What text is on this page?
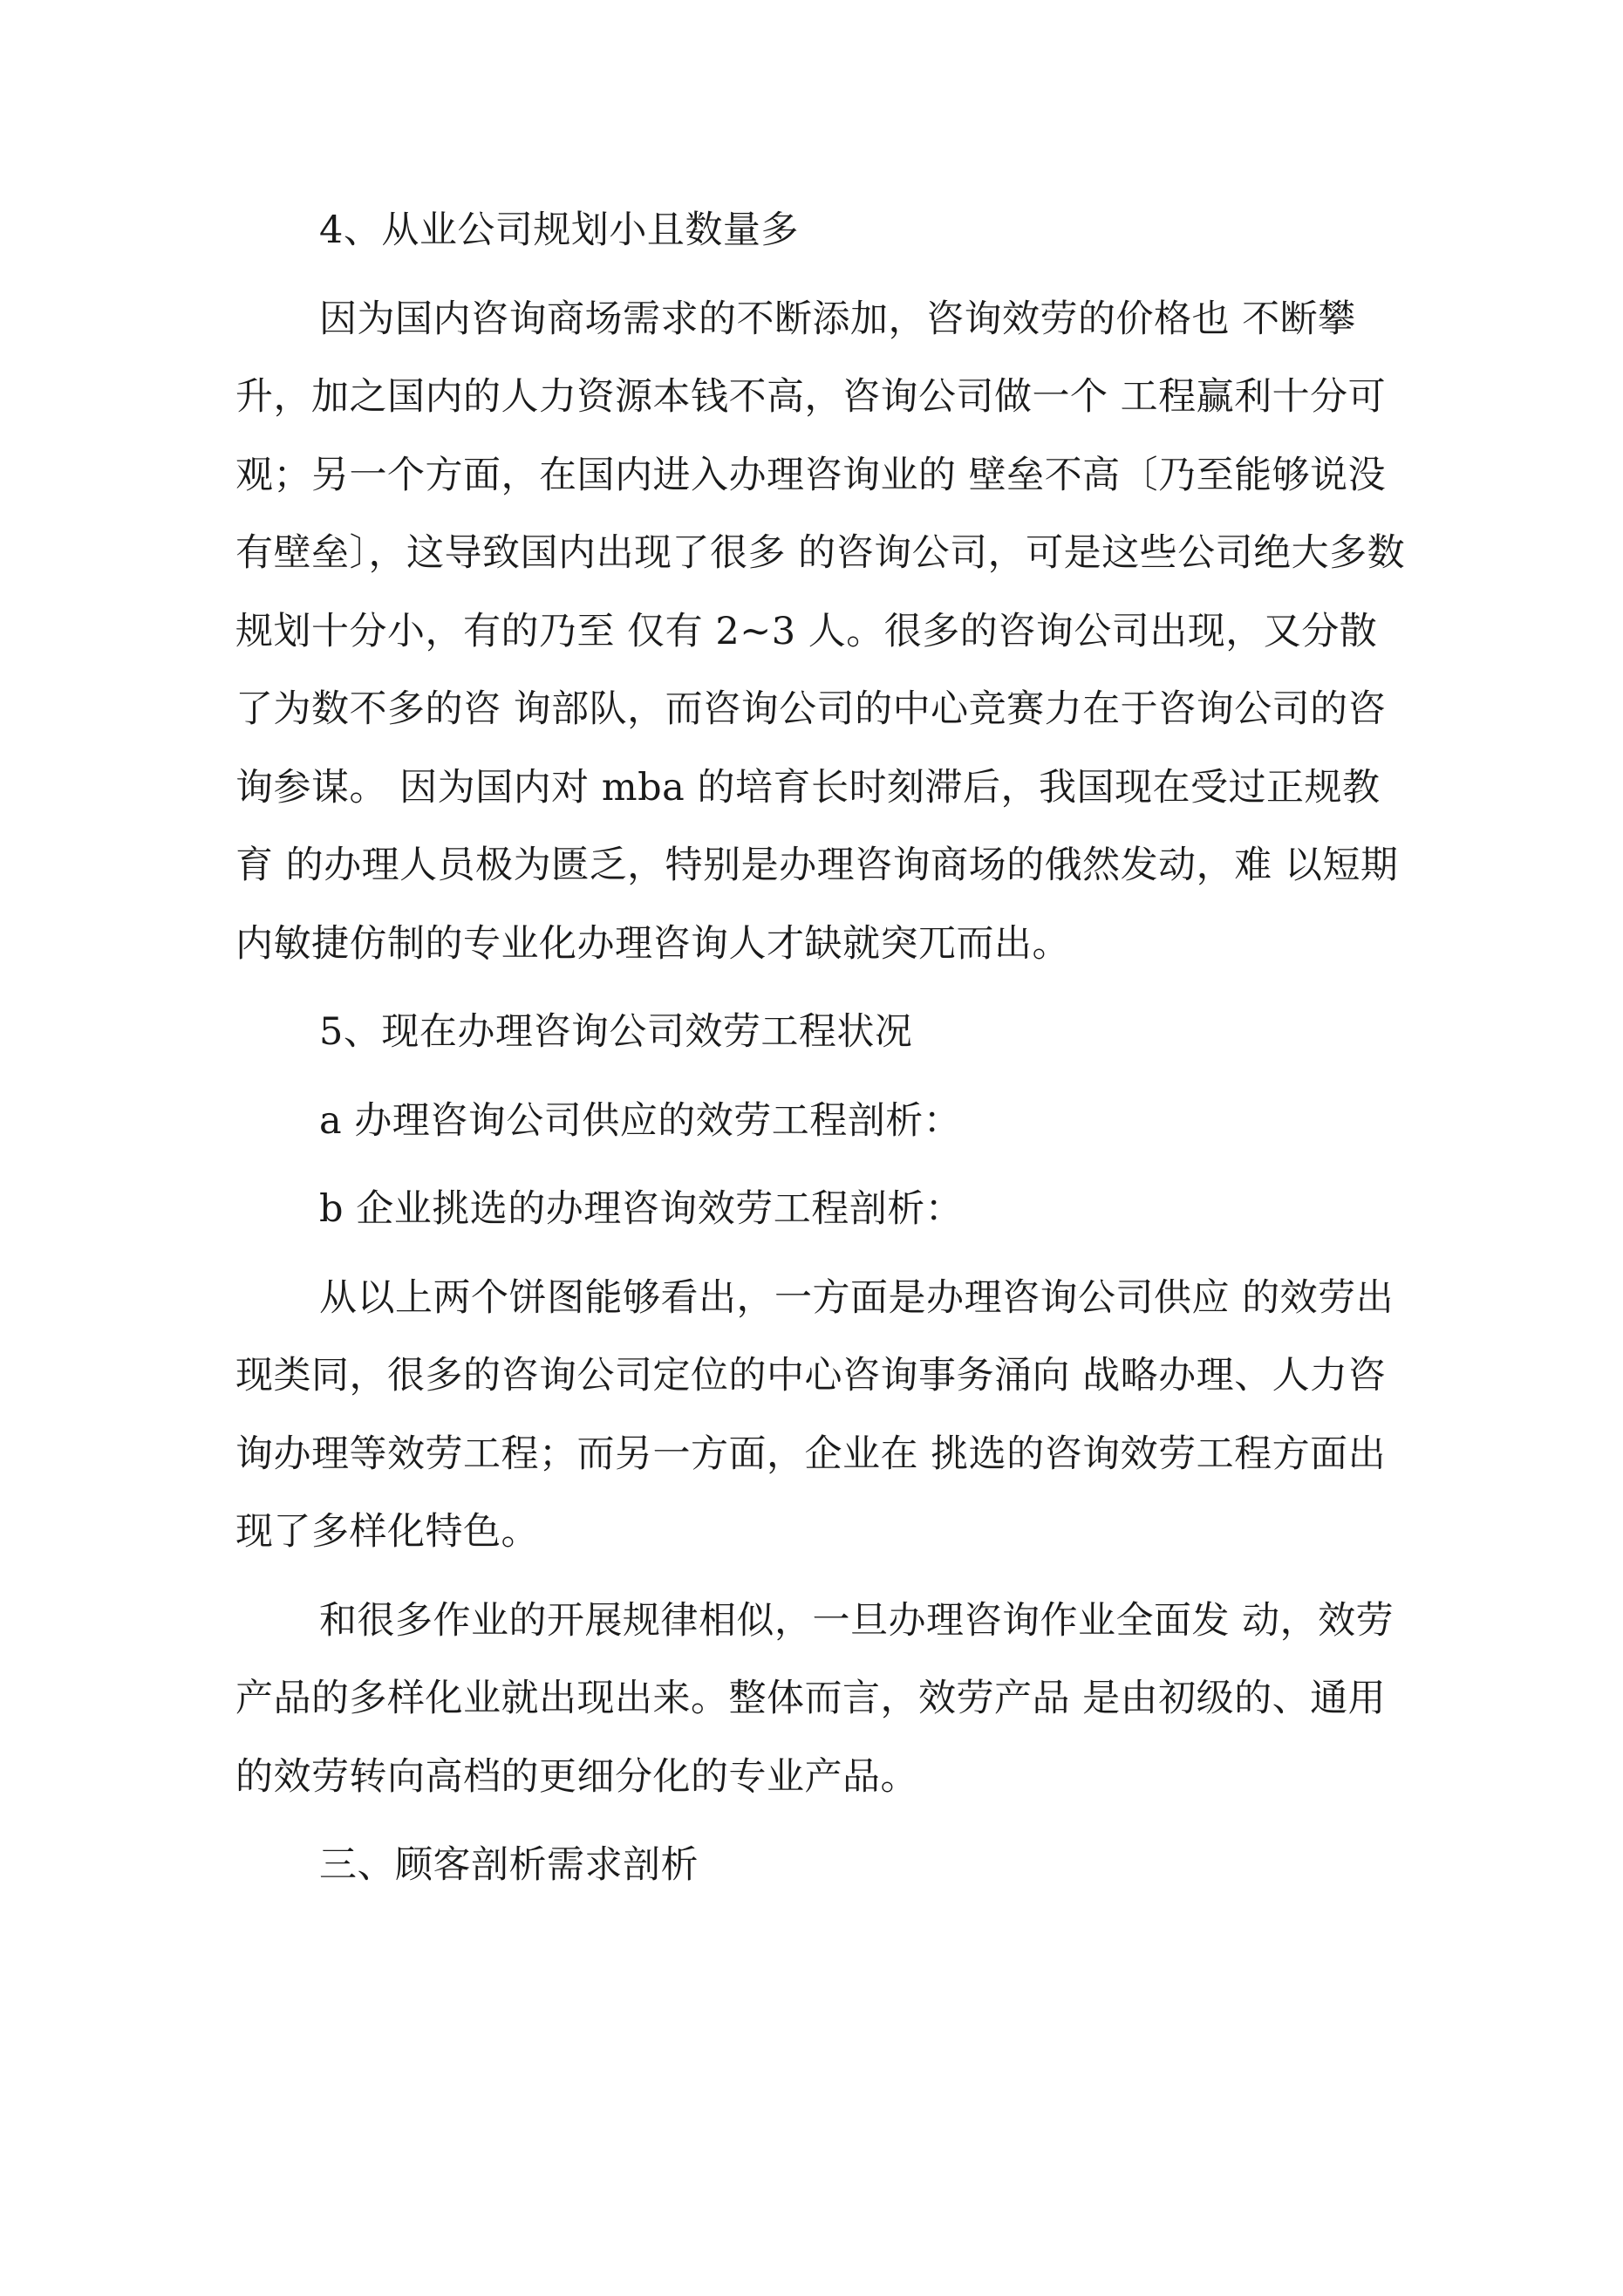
4、从业公司规划小且数量多

因为国内咨询商场需求的不断添加，咨询效劳的价格也 不断攀升，加之国内的人力资源本钱不高，咨询公司做一个 工程赢利十分可观；另一个方面，在国内进入办理咨询业的 壁垒不高〔乃至能够说没有壁垒〕，这导致国内出现了很多 的咨询公司，可是这些公司绝大多数规划十分小，有的乃至 仅有 2~3 人。很多的咨询公司出现，又分散了为数不多的咨 询部队，而咨询公司的中心竞赛力在于咨询公司的咨询参谋。 因为国内对 mba 的培育长时刻滞后，我国现在受过正规教育 的办理人员极为匮乏，特别是办理咨询商场的俄然发动，难 以短期内敏捷仿制的专业化办理咨询人才缺就突兀而出。

5、现在办理咨询公司效劳工程状况

a 办理咨询公司供应的效劳工程剖析：

b 企业挑选的办理咨询效劳工程剖析：

从以上两个饼图能够看出，一方面是办理咨询公司供应 的效劳出现类同，很多的咨询公司定位的中心咨询事务涌向 战略办理、人力咨询办理等效劳工程；而另一方面，企业在 挑选的咨询效劳工程方面出现了多样化特色。

和很多作业的开展规律相似，一旦办理咨询作业全面发 动，效劳产品的多样化业就出现出来。整体而言，效劳产品 是由初级的、通用的效劳转向高档的更细分化的专业产品。

三、顾客剖析需求剖析
